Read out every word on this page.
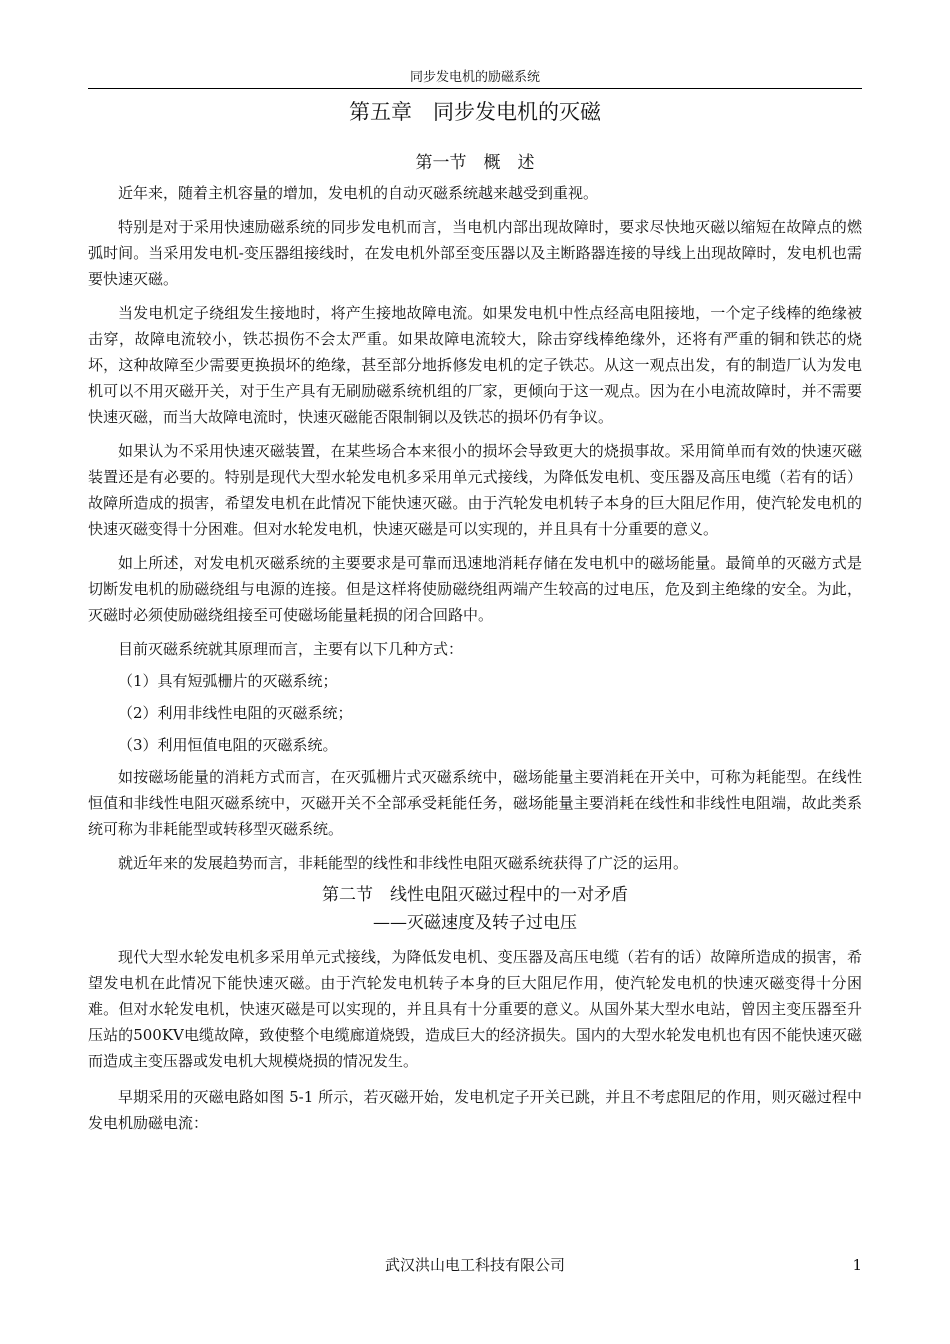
同步发电机的励磁系统
第五章　同步发电机的灭磁
第一节　概　述

近年来，随着主机容量的增加，发电机的自动灭磁系统越来越受到重视。

特别是对于采用快速励磁系统的同步发电机而言，当电机内部出现故障时，要求尽快地灭磁以缩短在故障点的燃弧时间。当采用发电机-变压器组接线时，在发电机外部至变压器以及主断路器连接的导线上出现故障时，发电机也需要快速灭磁。

当发电机定子绕组发生接地时，将产生接地故障电流。如果发电机中性点经高电阻接地，一个定子线棒的绝缘被击穿，故障电流较小，铁芯损伤不会太严重。如果故障电流较大，除击穿线棒绝缘外，还将有严重的铜和铁芯的烧坏，这种故障至少需要更换损坏的绝缘，甚至部分地拆修发电机的定子铁芯。从这一观点出发，有的制造厂认为发电机可以不用灭磁开关，对于生产具有无刷励磁系统机组的厂家，更倾向于这一观点。因为在小电流故障时，并不需要快速灭磁，而当大故障电流时，快速灭磁能否限制铜以及铁芯的损坏仍有争议。

如果认为不采用快速灭磁装置，在某些场合本来很小的损坏会导致更大的烧损事故。采用简单而有效的快速灭磁装置还是有必要的。特别是现代大型水轮发电机多采用单元式接线，为降低发电机、变压器及高压电缆（若有的话）故障所造成的损害，希望发电机在此情况下能快速灭磁。由于汽轮发电机转子本身的巨大阻尼作用，使汽轮发电机的快速灭磁变得十分困难。但对水轮发电机，快速灭磁是可以实现的，并且具有十分重要的意义。

如上所述，对发电机灭磁系统的主要要求是可靠而迅速地消耗存储在发电机中的磁场能量。最简单的灭磁方式是切断发电机的励磁绕组与电源的连接。但是这样将使励磁绕组两端产生较高的过电压，危及到主绝缘的安全。为此，灭磁时必须使励磁绕组接至可使磁场能量耗损的闭合回路中。

目前灭磁系统就其原理而言，主要有以下几种方式：

（1）具有短弧栅片的灭磁系统；

（2）利用非线性电阻的灭磁系统；

（3）利用恒值电阻的灭磁系统。

如按磁场能量的消耗方式而言，在灭弧栅片式灭磁系统中，磁场能量主要消耗在开关中，可称为耗能型。在线性恒值和非线性电阻灭磁系统中，灭磁开关不全部承受耗能任务，磁场能量主要消耗在线性和非线性电阻端，故此类系统可称为非耗能型或转移型灭磁系统。

就近年来的发展趋势而言，非耗能型的线性和非线性电阻灭磁系统获得了广泛的运用。

第二节　线性电阻灭磁过程中的一对矛盾
——灭磁速度及转子过电压

现代大型水轮发电机多采用单元式接线，为降低发电机、变压器及高压电缆（若有的话）故障所造成的损害，希望发电机在此情况下能快速灭磁。由于汽轮发电机转子本身的巨大阻尼作用，使汽轮发电机的快速灭磁变得十分困难。但对水轮发电机，快速灭磁是可以实现的，并且具有十分重要的意义。从国外某大型水电站，曾因主变压器至升压站的500KV电缆故障，致使整个电缆廊道烧毁，造成巨大的经济损失。国内的大型水轮发电机也有因不能快速灭磁而造成主变压器或发电机大规模烧损的情况发生。

早期采用的灭磁电路如图 5-1 所示，若灭磁开始，发电机定子开关已跳，并且不考虑阻尼的作用，则灭磁过程中发电机励磁电流：

武汉洪山电工科技有限公司	1
